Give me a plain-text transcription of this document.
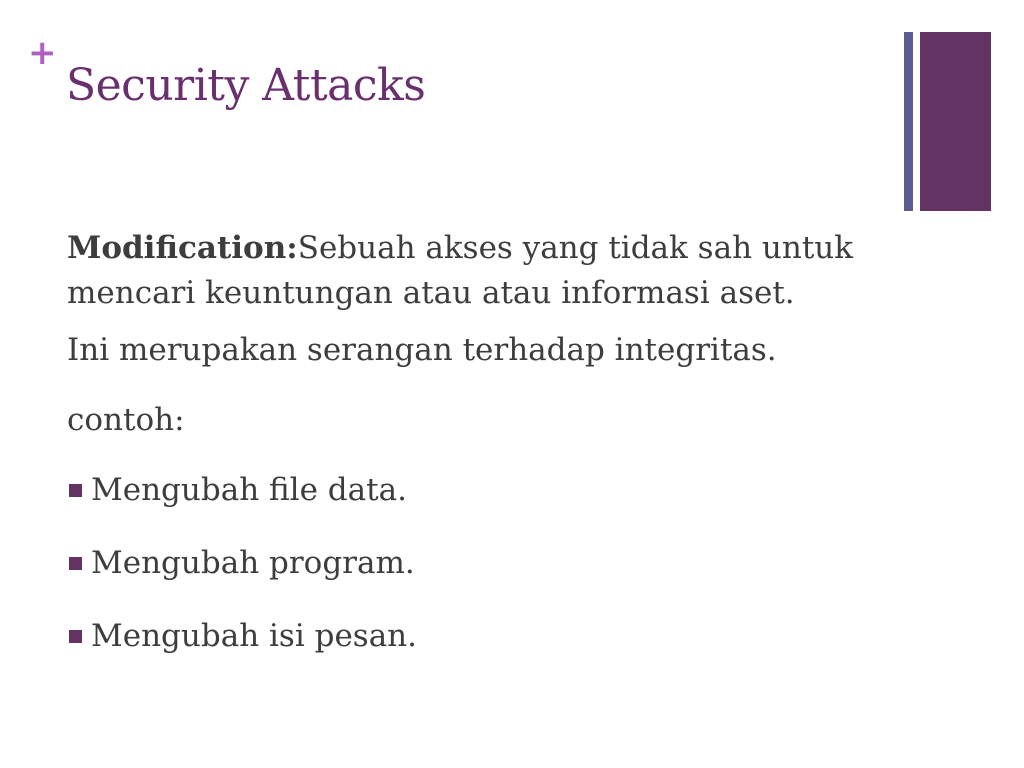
+
Security Attacks

Modification:Sebuah akses yang tidak sah untuk mencari keuntungan atau atau informasi aset.

Ini merupakan serangan terhadap integritas.

contoh:

Mengubah file data.
Mengubah program.
Mengubah isi pesan.
